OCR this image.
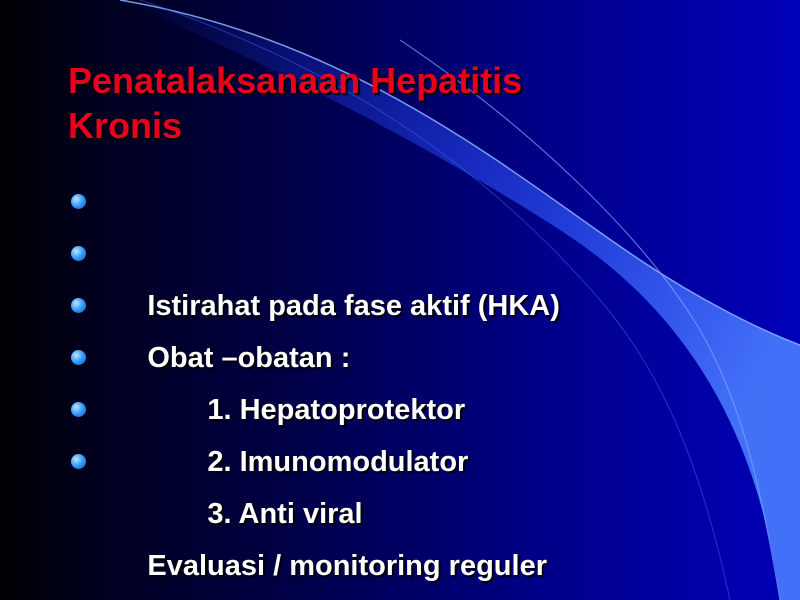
Penatalaksanaan Hepatitis
Kronis

Istirahat pada fase aktif (HKA)

Obat –obatan :

1. Hepatoprotektor

2. Imunomodulator

3. Anti viral

Evaluasi / monitoring reguler
